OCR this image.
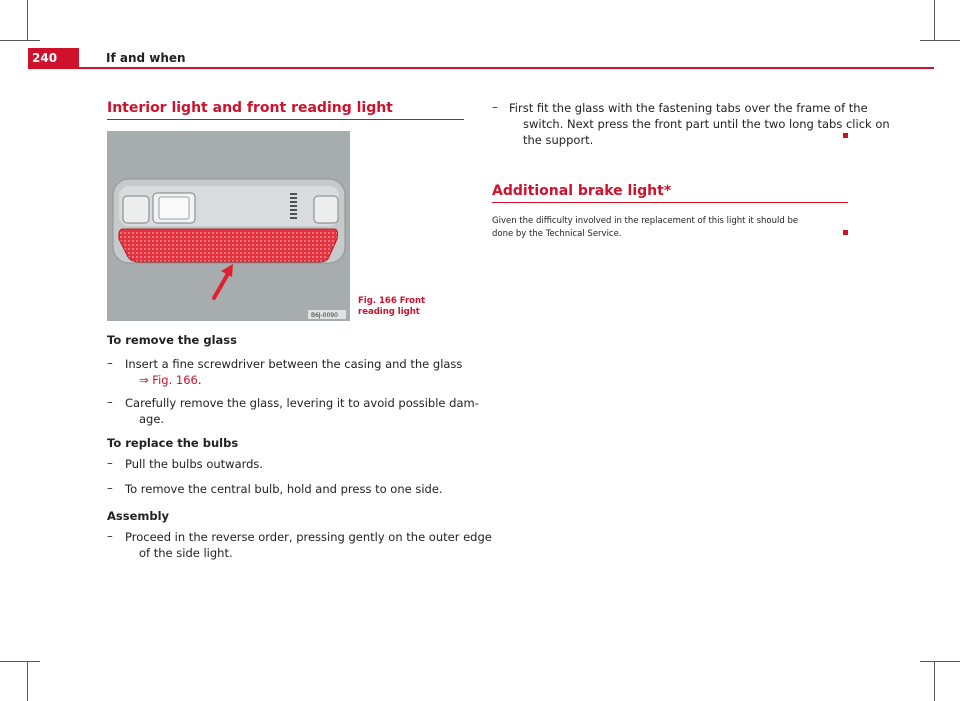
240	If and when
Interior light and front reading light
B6J-0090
Fig. 166 Front reading light
To remove the glass
– Insert a fine screwdriver between the casing and the glass
⇒ Fig. 166.
– Carefully remove the glass, levering it to avoid possible dam-
age.
To replace the bulbs
– Pull the bulbs outwards.
– To remove the central bulb, hold and press to one side.
Assembly
– Proceed in the reverse order, pressing gently on the outer edge
of the side light.
– First fit the glass with the fastening tabs over the frame of the
switch. Next press the front part until the two long tabs click on
the support.
Additional brake light*
Given the difficulty involved in the replacement of this light it should be
done by the Technical Service.
